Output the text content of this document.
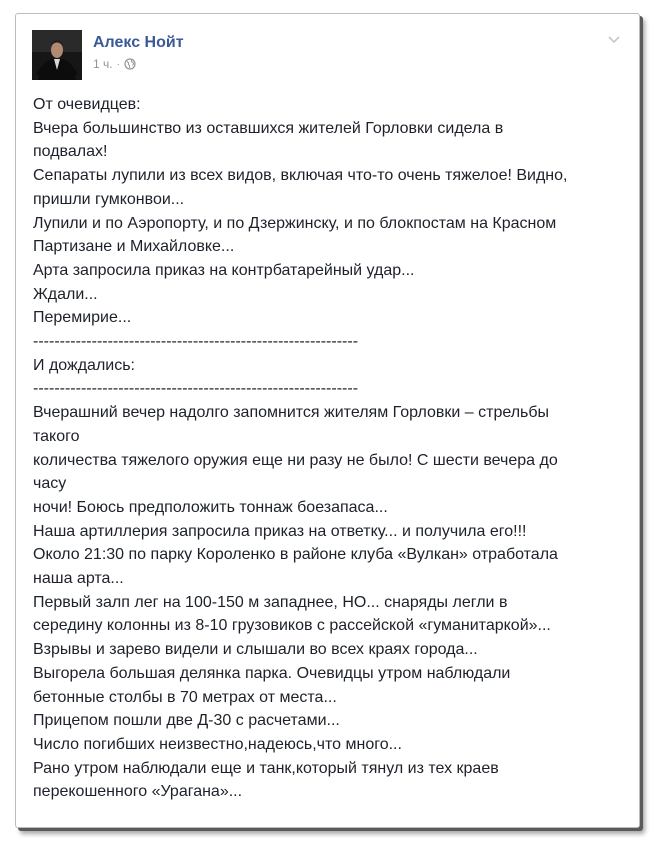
Алекс Нойт
1 ч. ·
От очевидцев:
Вчера большинство из оставшихся жителей Горловки сидела в
подвалах!
Сепараты лупили из всех видов, включая что-то очень тяжелое! Видно,
пришли гумконвои...
Лупили и по Аэропорту, и по Дзержинску, и по блокпостам на Красном
Партизане и Михайловке...
Арта запросила приказ на контрбатарейный удар...
Ждали...
Перемирие...
-------------------------------------------------------------
И дождались:
-------------------------------------------------------------
Вчерашний вечер надолго запомнится жителям Горловки – стрельбы
такого
количества тяжелого оружия еще ни разу не было! С шести вечера до
часу
ночи! Боюсь предположить тоннаж боезапаса...
Наша артиллерия запросила приказ на ответку... и получила его!!!
Около 21:30 по парку Короленко в районе клуба «Вулкан» отработала
наша арта...
Первый залп лег на 100-150 м западнее, НО... снаряды легли в
середину колонны из 8-10 грузовиков с рассейской «гуманитаркой»...
Взрывы и зарево видели и слышали во всех краях города...
Выгорела большая делянка парка. Очевидцы утром наблюдали
бетонные столбы в 70 метрах от места...
Прицепом пошли две Д-30 с расчетами...
Число погибших неизвестно,надеюсь,что много...
Рано утром наблюдали еще и танк,который тянул из тех краев
перекошенного «Урагана»...
